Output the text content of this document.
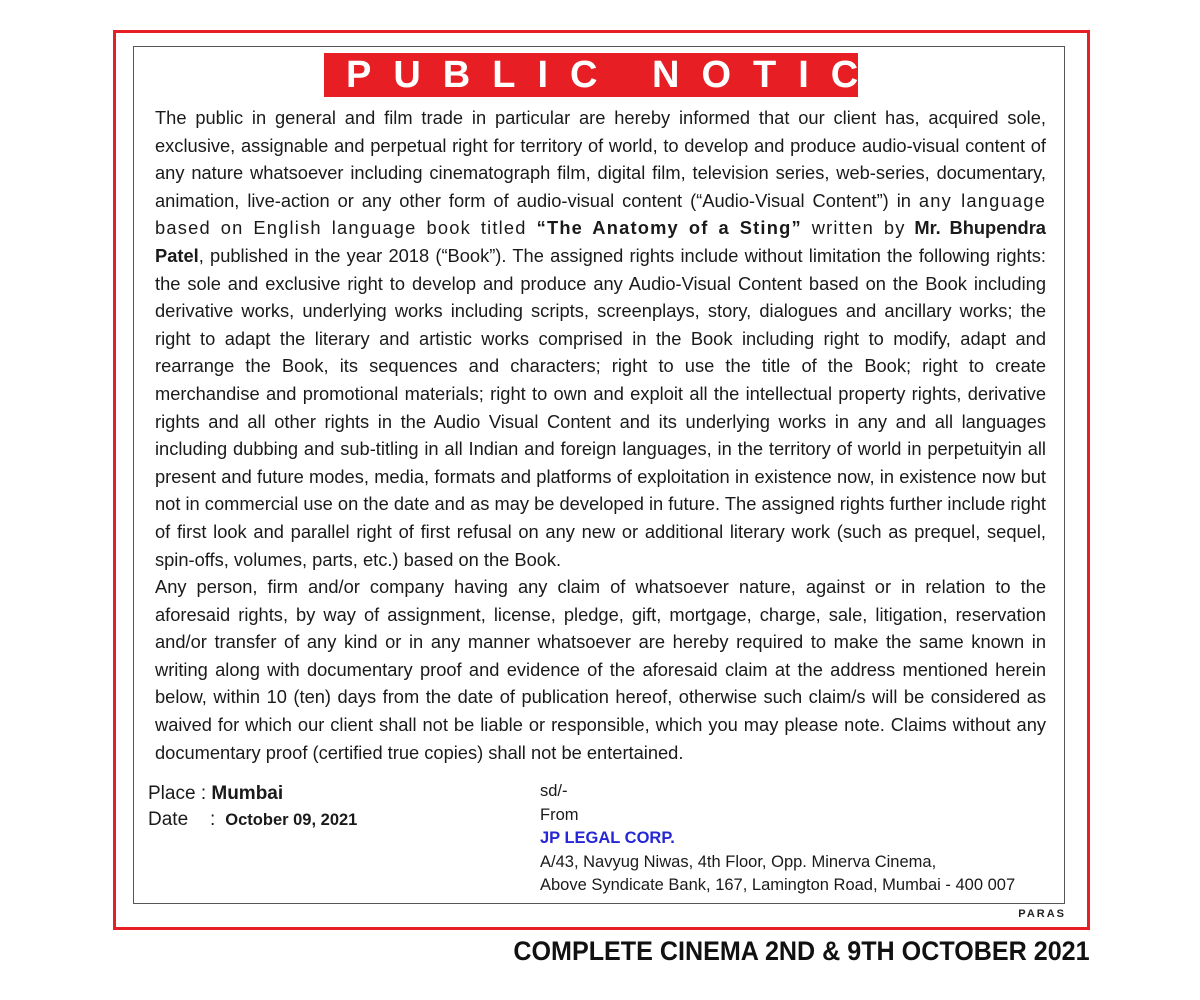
PUBLIC NOTICE

The public in general and film trade in particular are hereby informed that our client has, acquired sole, exclusive, assignable and perpetual right for territory of world, to develop and produce audio-visual content of any nature whatsoever including cinematograph film, digital film, television series, web-series, documentary, animation, live-action or any other form of audio-visual content (“Audio-Visual Content”) in any language based on English language book titled “The Anatomy of a Sting” written by Mr. Bhupendra Patel, published in the year 2018 (“Book”). The assigned rights include without limitation the following rights: the sole and exclusive right to develop and produce any Audio-Visual Content based on the Book including derivative works, underlying works including scripts, screenplays, story, dialogues and ancillary works; the right to adapt the literary and artistic works comprised in the Book including right to modify, adapt and rearrange the Book, its sequences and characters; right to use the title of the Book; right to create merchandise and promotional materials; right to own and exploit all the intellectual property rights, derivative rights and all other rights in the Audio Visual Content and its underlying works in any and all languages including dubbing and sub-titling in all Indian and foreign languages, in the territory of world in perpetuityin all present and future modes, media, formats and platforms of exploitation in existence now, in existence now but not in commercial use on the date and as may be developed in future. The assigned rights further include right of first look and parallel right of first refusal on any new or additional literary work (such as prequel, sequel, spin-offs, volumes, parts, etc.) based on the Book.

Any person, firm and/or company having any claim of whatsoever nature, against or in relation to the aforesaid rights, by way of assignment, license, pledge, gift, mortgage, charge, sale, litigation, reservation and/or transfer of any kind or in any manner whatsoever are hereby required to make the same known in writing along with documentary proof and evidence of the aforesaid claim at the address mentioned herein below, within 10 (ten) days from the date of publication hereof, otherwise such claim/s will be considered as waived for which our client shall not be liable or responsible, which you may please note. Claims without any documentary proof (certified true copies) shall not be entertained.

Place : Mumbai
Date : October 09, 2021
sd/-
From
JP LEGAL CORP.
A/43, Navyug Niwas, 4th Floor, Opp. Minerva Cinema,
Above Syndicate Bank, 167, Lamington Road, Mumbai - 400 007
PARAS
COMPLETE CINEMA 2ND & 9TH OCTOBER 2021
